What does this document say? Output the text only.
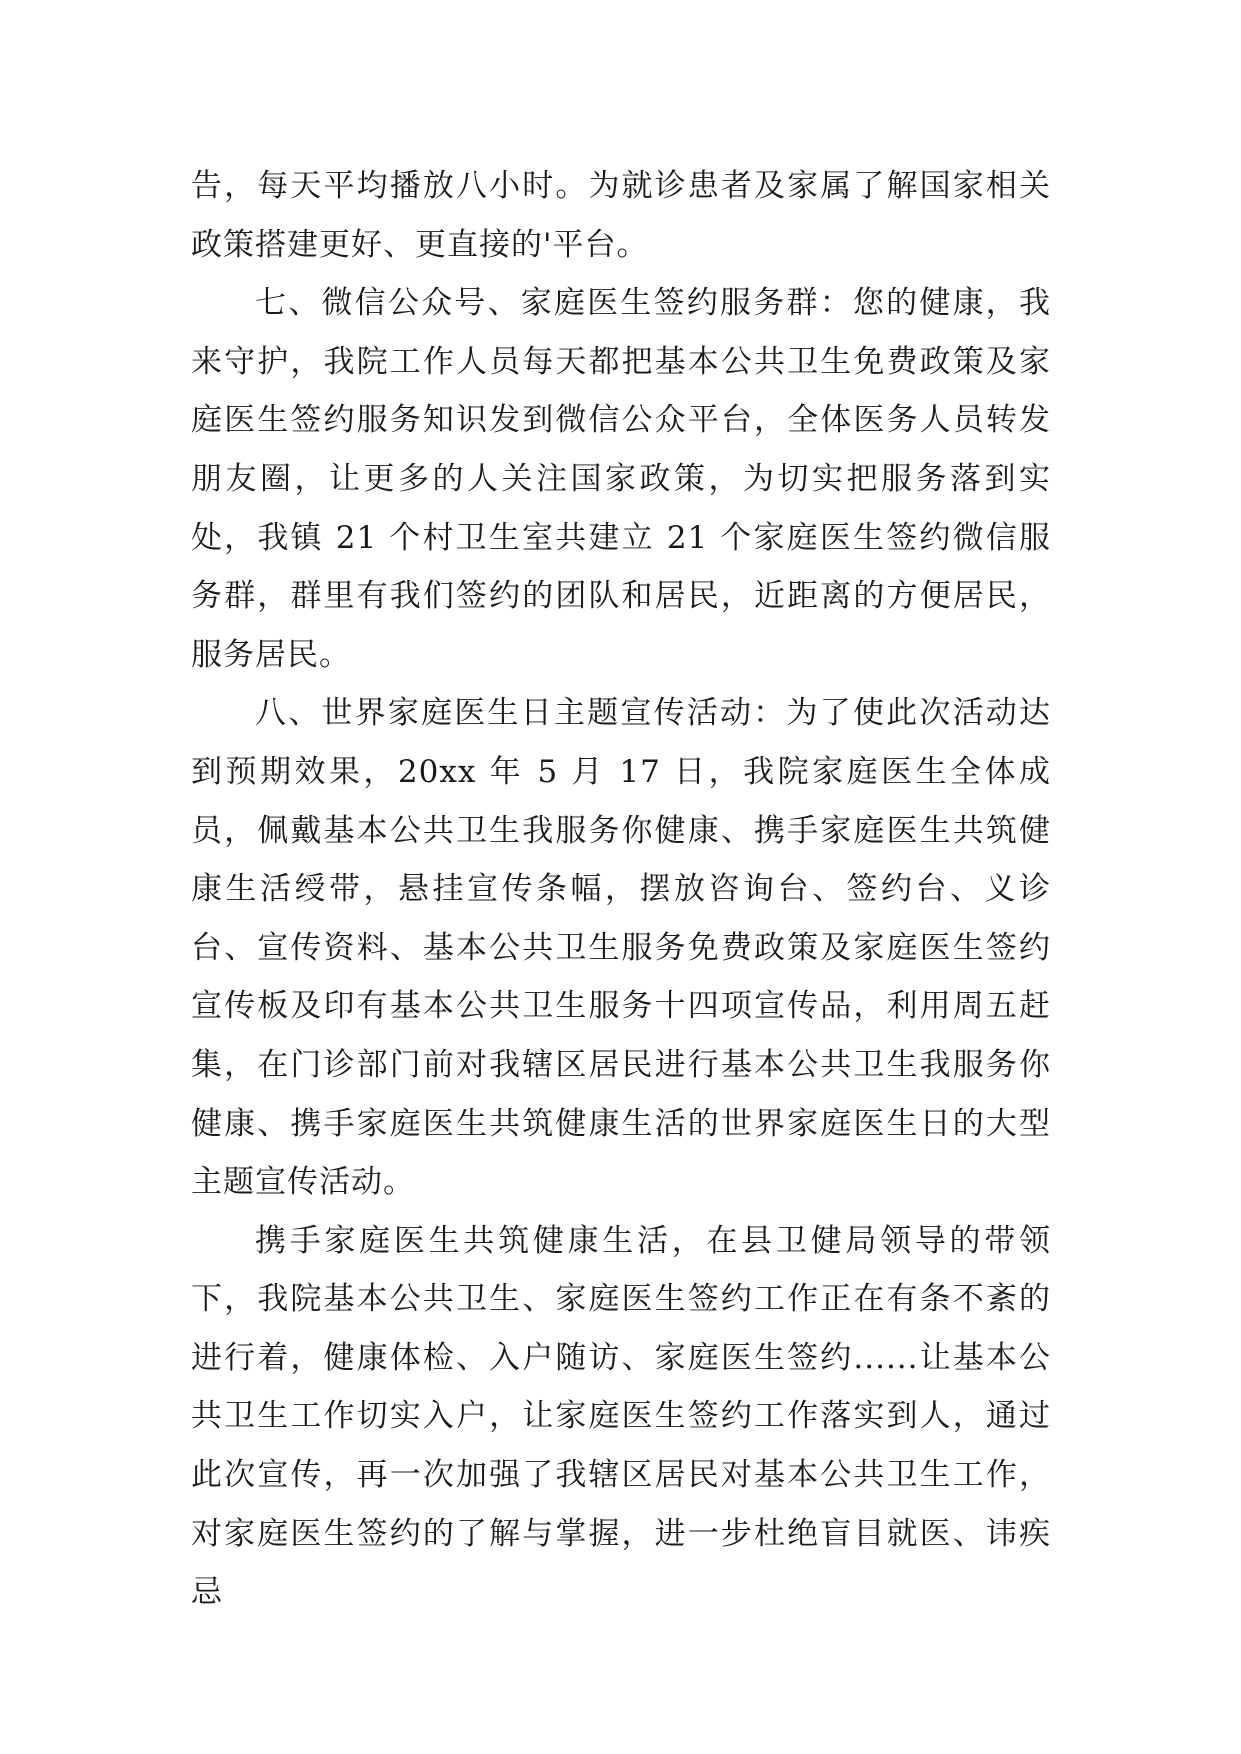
告，每天平均播放八小时。为就诊患者及家属了解国家相关政策搭建更好、更直接的'平台。

七、微信公众号、家庭医生签约服务群：您的健康，我来守护，我院工作人员每天都把基本公共卫生免费政策及家庭医生签约服务知识发到微信公众平台，全体医务人员转发朋友圈，让更多的人关注国家政策，为切实把服务落到实处，我镇 21 个村卫生室共建立 21 个家庭医生签约微信服务群，群里有我们签约的团队和居民，近距离的方便居民，服务居民。

八、世界家庭医生日主题宣传活动：为了使此次活动达到预期效果，20xx 年 5 月 17 日，我院家庭医生全体成员，佩戴基本公共卫生我服务你健康、携手家庭医生共筑健康生活绶带，悬挂宣传条幅，摆放咨询台、签约台、义诊台、宣传资料、基本公共卫生服务免费政策及家庭医生签约宣传板及印有基本公共卫生服务十四项宣传品，利用周五赶集，在门诊部门前对我辖区居民进行基本公共卫生我服务你健康、携手家庭医生共筑健康生活的世界家庭医生日的大型主题宣传活动。

携手家庭医生共筑健康生活，在县卫健局领导的带领下，我院基本公共卫生、家庭医生签约工作正在有条不紊的进行着，健康体检、入户随访、家庭医生签约......让基本公共卫生工作切实入户，让家庭医生签约工作落实到人，通过此次宣传，再一次加强了我辖区居民对基本公共卫生工作，对家庭医生签约的了解与掌握，进一步杜绝盲目就医、讳疾忌
